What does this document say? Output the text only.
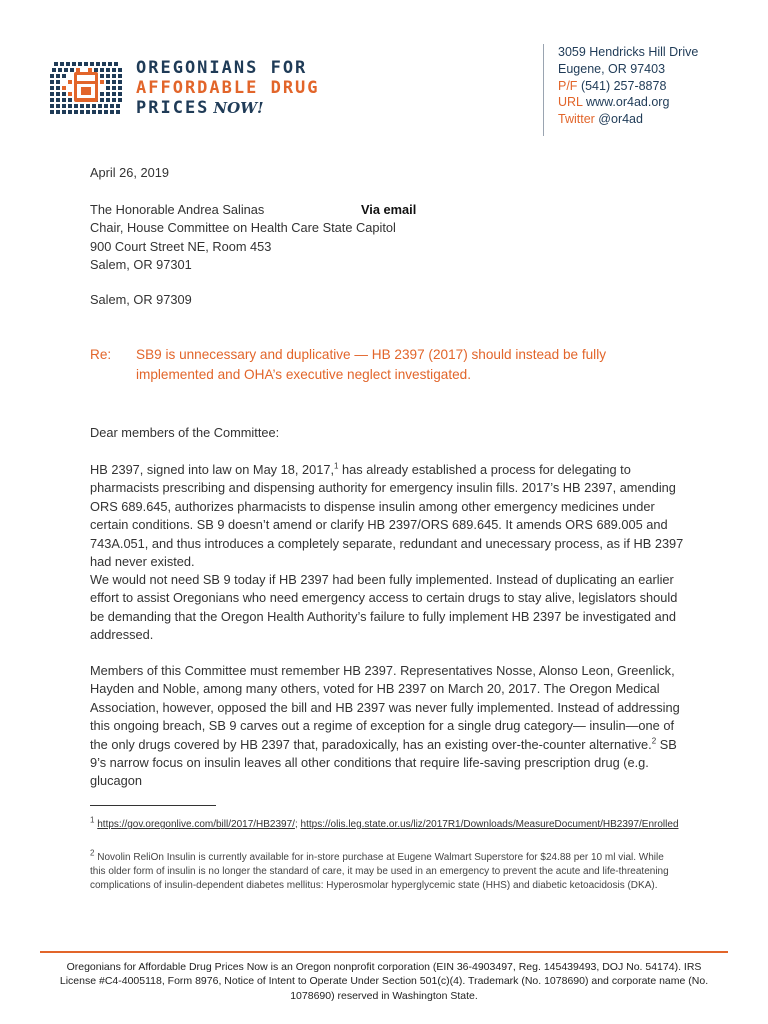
OREGONIANS FOR
AFFORDABLE DRUG
PRICES NOW!
3059 Hendricks Hill Drive
Eugene, OR 97403
P/F (541) 257-8878
URL www.or4ad.org
Twitter @or4ad
April 26, 2019
The Honorable Andrea Salinas
Chair, House Committee on Health Care State Capitol
900 Court Street NE, Room 453
Salem, OR 97301
Via email
Salem, OR 97309
Re: SB9 is unnecessary and duplicative — HB 2397 (2017) should instead be fully
implemented and OHA’s executive neglect investigated.
Dear members of the Committee:
HB 2397, signed into law on May 18, 2017,$^1$ has already established a process for delegating to pharmacists prescribing and dispensing authority for emergency insulin fills. 2017’s HB 2397, amending ORS 689.645, authorizes pharmacists to dispense insulin among other emergency medicines under certain conditions. SB 9 doesn’t amend or clarify HB 2397/ORS 689.645. It amends ORS 689.005 and 743A.051, and thus introduces a completely separate, redundant and unecessary process, as if HB 2397 had never existed.
We would not need SB 9 today if HB 2397 had been fully implemented. Instead of duplicating an earlier effort to assist Oregonians who need emergency access to certain drugs to stay alive, legislators should be demanding that the Oregon Health Authority’s failure to fully implement HB 2397 be investigated and addressed.
Members of this Committee must remember HB 2397. Representatives Nosse, Alonso Leon, Greenlick, Hayden and Noble, among many others, voted for HB 2397 on March 20, 2017. The Oregon Medical Association, however, opposed the bill and HB 2397 was never fully implemented. Instead of addressing this ongoing breach, SB 9 carves out a regime of exception for a single drug category— insulin—one of the only drugs covered by HB 2397 that, paradoxically, has an existing over-the-counter alternative.$^2$ SB 9’s narrow focus on insulin leaves all other conditions that require life-saving prescription drug (e.g. glucagon
$^1$ https://gov.oregonlive.com/bill/2017/HB2397/; https://olis.leg.state.or.us/liz/2017R1/Downloads/MeasureDocument/HB2397/Enrolled
$^2$ Novolin ReliOn Insulin is currently available for in-store purchase at Eugene Walmart Superstore for $24.88 per 10 ml vial. While this older form of insulin is no longer the standard of care, it may be used in an emergency to prevent the acute and life-threatening complications of insulin-dependent diabetes mellitus: Hyperosmolar hyperglycemic state (HHS) and diabetic ketoacidosis (DKA).
Oregonians for Affordable Drug Prices Now is an Oregon nonprofit corporation (EIN 36-4903497, Reg. 145439493, DOJ No. 54174). IRS License #C4-4005118, Form 8976, Notice of Intent to Operate Under Section 501(c)(4). Trademark (No. 1078690) and corporate name (No. 1078690) reserved in Washington State.
